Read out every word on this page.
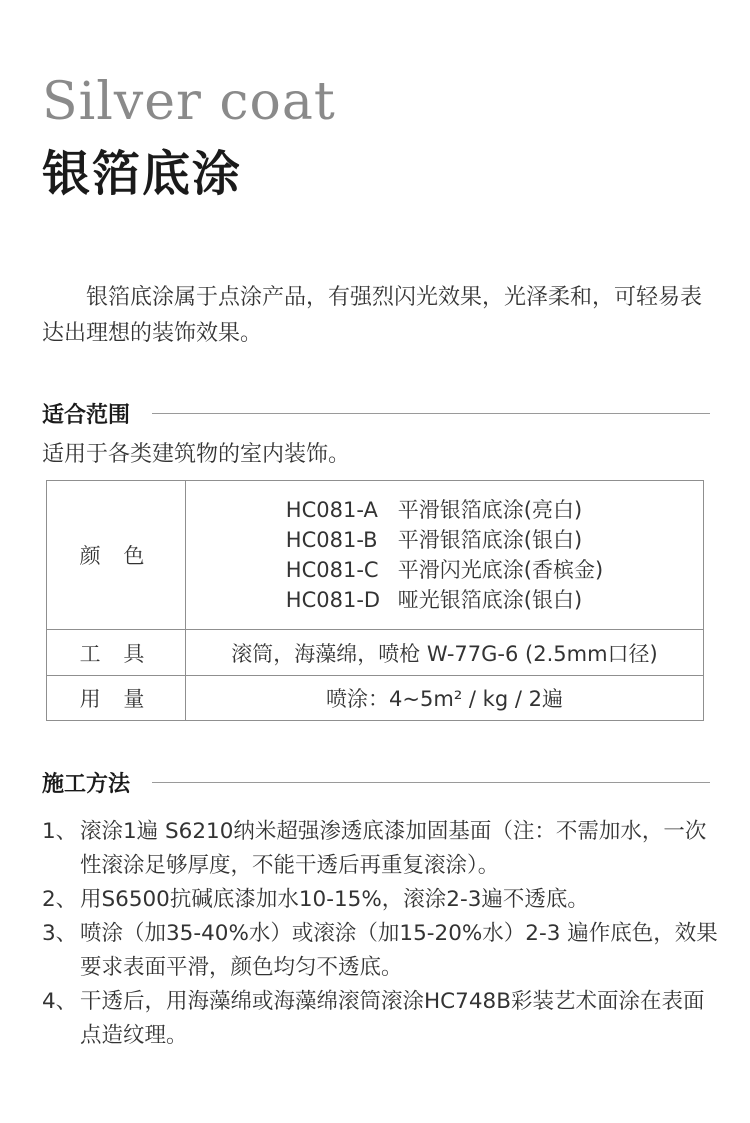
Silver coat
银箔底涂

银箔底涂属于点涂产品，有强烈闪光效果，光泽柔和，可轻易表达出理想的装饰效果。

适合范围
适用于各类建筑物的室内装饰。
颜 色	HC081-A 平滑银箔底涂(亮白)
HC081-B 平滑银箔底涂(银白)
HC081-C 平滑闪光底涂(香槟金)
HC081-D 哑光银箔底涂(银白)

工 具	滚筒，海藻绵，喷枪 W-77G-6 (2.5mm口径)
用 量	喷涂：4~5m² / kg / 2遍
施工方法
1、 滚涂1遍 S6210纳米超强渗透底漆加固基面（注：不需加水，一次性滚涂足够厚度，不能干透后再重复滚涂）。
2、 用S6500抗碱底漆加水10-15%，滚涂2-3遍不透底。
3、 喷涂（加35-40%水）或滚涂（加15-20%水）2-3 遍作底色，效果要求表面平滑，颜色均匀不透底。
4、 干透后，用海藻绵或海藻绵滚筒滚涂HC748B彩装艺术面涂在表面点造纹理。
